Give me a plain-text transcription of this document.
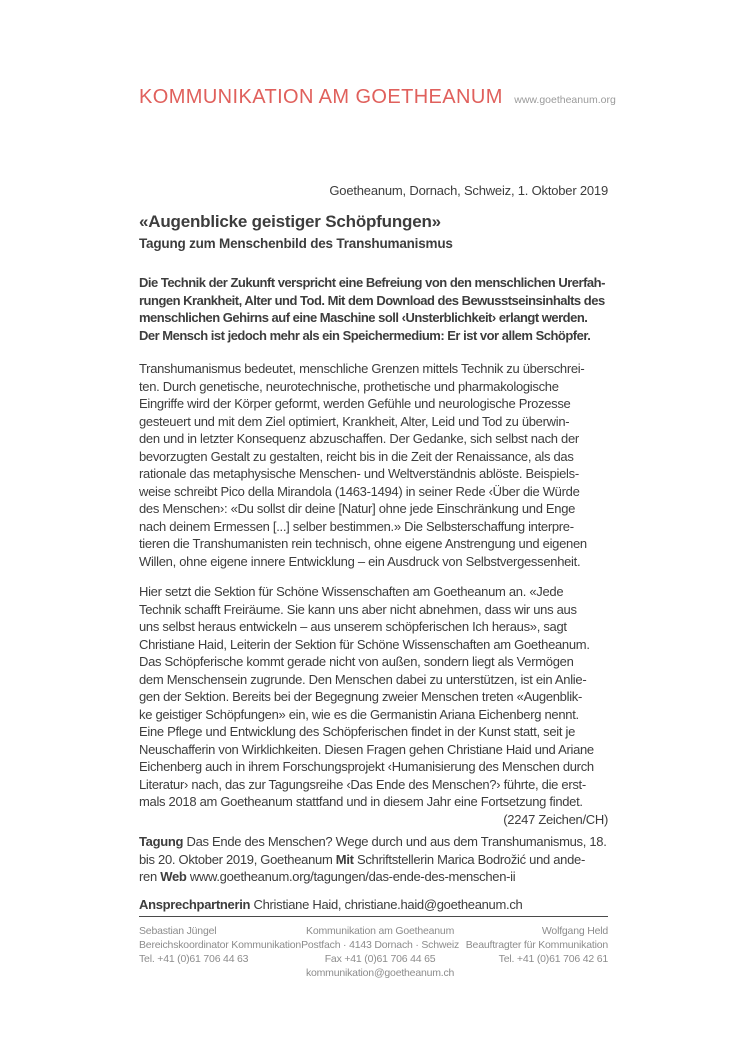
KOMMUNIKATION AM GOETHEANUM www.goetheanum.org
Goetheanum, Dornach, Schweiz, 1. Oktober 2019
«Augenblicke geistiger Schöpfungen»
Tagung zum Menschenbild des Transhumanismus
Die Technik der Zukunft verspricht eine Befreiung von den menschlichen Urerfah-
rungen Krankheit, Alter und Tod. Mit dem Download des Bewusstseinsinhalts des
menschlichen Gehirns auf eine Maschine soll ‹Unsterblichkeit› erlangt werden.
Der Mensch ist jedoch mehr als ein Speichermedium: Er ist vor allem Schöpfer.
Transhumanismus bedeutet, menschliche Grenzen mittels Technik zu überschrei-
ten. Durch genetische, neurotechnische, prothetische und pharmakologische
Eingriffe wird der Körper geformt, werden Gefühle und neurologische Prozesse
gesteuert und mit dem Ziel optimiert, Krankheit, Alter, Leid und Tod zu überwin-
den und in letzter Konsequenz abzuschaffen. Der Gedanke, sich selbst nach der
bevorzugten Gestalt zu gestalten, reicht bis in die Zeit der Renaissance, als das
rationale das metaphysische Menschen- und Weltverständnis ablöste. Beispiels-
weise schreibt Pico della Mirandola (1463-1494) in seiner Rede ‹Über die Würde
des Menschen›: «Du sollst dir deine [Natur] ohne jede Einschränkung und Enge
nach deinem Ermessen [...] selber bestimmen.» Die Selbsterschaffung interpre-
tieren die Transhumanisten rein technisch, ohne eigene Anstrengung und eigenen
Willen, ohne eigene innere Entwicklung – ein Ausdruck von Selbstvergessenheit.
Hier setzt die Sektion für Schöne Wissenschaften am Goetheanum an. «Jede
Technik schafft Freiräume. Sie kann uns aber nicht abnehmen, dass wir uns aus
uns selbst heraus entwickeln – aus unserem schöpferischen Ich heraus», sagt
Christiane Haid, Leiterin der Sektion für Schöne Wissenschaften am Goetheanum.
Das Schöpferische kommt gerade nicht von außen, sondern liegt als Vermögen
dem Menschensein zugrunde. Den Menschen dabei zu unterstützen, ist ein Anlie-
gen der Sektion. Bereits bei der Begegnung zweier Menschen treten «Augenblik-
ke geistiger Schöpfungen» ein, wie es die Germanistin Ariana Eichenberg nennt.
Eine Pflege und Entwicklung des Schöpferischen findet in der Kunst statt, seit je
Neuschafferin von Wirklichkeiten. Diesen Fragen gehen Christiane Haid und Ariane
Eichenberg auch in ihrem Forschungsprojekt ‹Humanisierung des Menschen durch
Literatur› nach, das zur Tagungsreihe ‹Das Ende des Menschen?› führte, die erst-
mals 2018 am Goetheanum stattfand und in diesem Jahr eine Fortsetzung findet.
(2247 Zeichen/CH)
Tagung Das Ende des Menschen? Wege durch und aus dem Transhumanismus, 18.
bis 20. Oktober 2019, Goetheanum Mit Schriftstellerin Marica Bodrožić und ande-
ren Web www.goetheanum.org/tagungen/das-ende-des-menschen-ii
Ansprechpartnerin Christiane Haid, christiane.haid@goetheanum.ch
Sebastian Jüngel
Bereichskoordinator Kommunikation
Tel. +41 (0)61 706 44 63
Kommunikation am Goetheanum
Postfach · 4143 Dornach · Schweiz
Fax +41 (0)61 706 44 65
kommunikation@goetheanum.ch
Wolfgang Held
Beauftragter für Kommunikation
Tel. +41 (0)61 706 42 61
